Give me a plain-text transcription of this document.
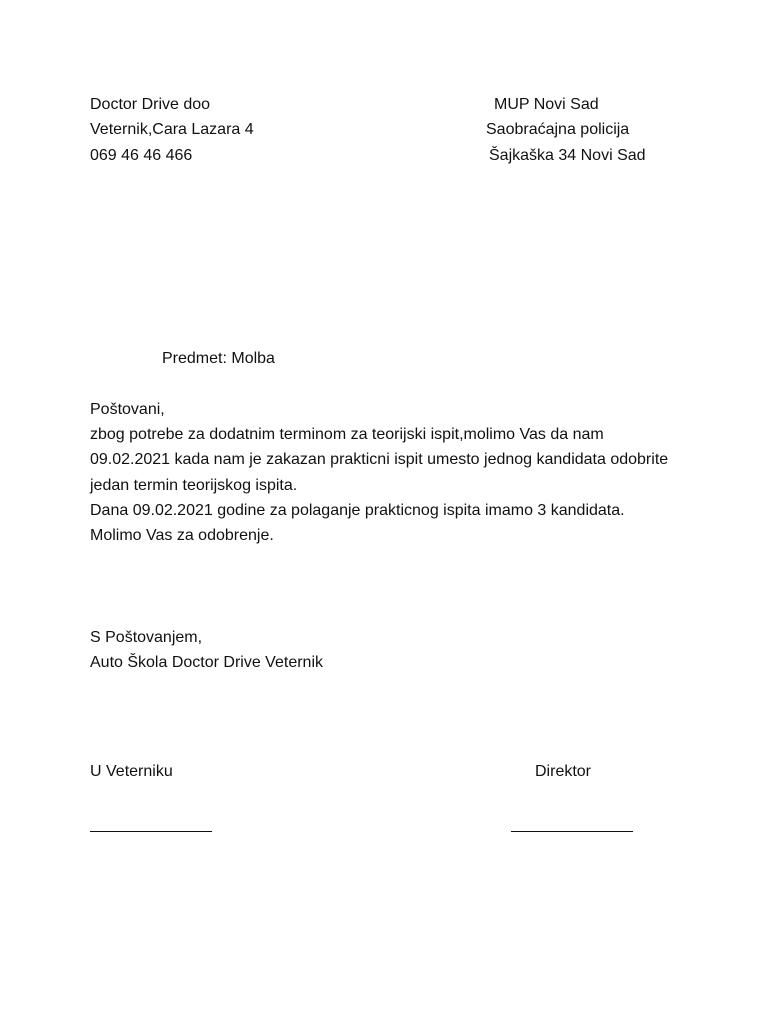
Doctor Drive doo
Veternik,Cara Lazara 4
069 46 46 466
MUP Novi Sad
Saobraćajna policija
Šajkaška 34 Novi Sad
Predmet: Molba
Poštovani,
zbog potrebe za dodatnim terminom za teorijski ispit,molimo Vas da nam
09.02.2021 kada nam je zakazan prakticni ispit umesto jednog kandidata odobrite
jedan termin teorijskog ispita.
Dana 09.02.2021 godine za polaganje prakticnog ispita imamo 3 kandidata.
Molimo Vas za odobrenje.
S Poštovanjem,
Auto Škola Doctor Drive Veternik
U Veterniku	Direktor
